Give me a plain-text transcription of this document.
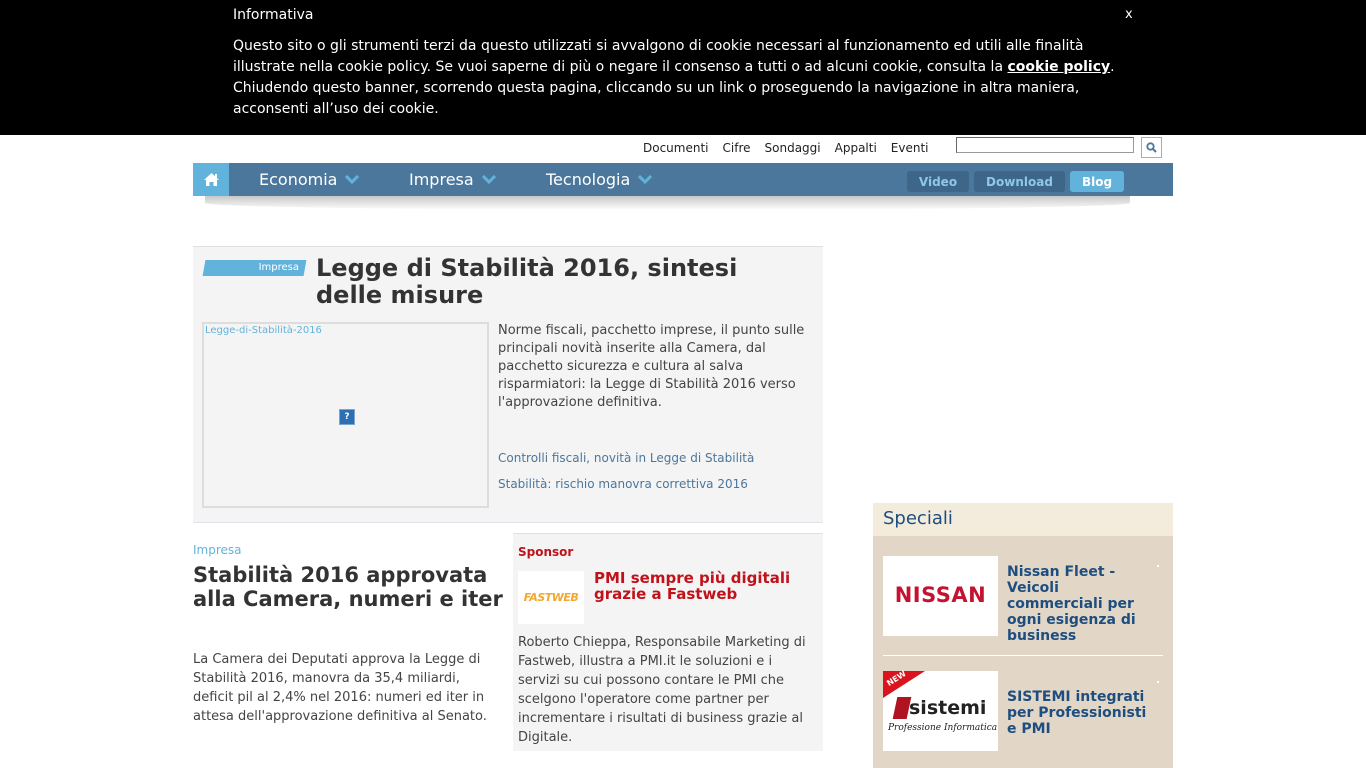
Informativa	x
Questo sito o gli strumenti terzi da questo utilizzati si avvalgono di cookie necessari al funzionamento ed utili alle finalità illustrate nella cookie policy. Se vuoi saperne di più o negare il consenso a tutti o ad alcuni cookie, consulta la cookie policy. Chiudendo questo banner, scorrendo questa pagina, cliccando su un link o proseguendo la navigazione in altra maniera, acconsenti all’uso dei cookie.
Documenti Cifre Sondaggi Appalti Eventi
Economia	Impresa	Tecnologia	Video	Download	Blog
Impresa Legge di Stabilità 2016, sintesi delle misure
Legge-di-Stabilità-2016
?
Norme fiscali, pacchetto imprese, il punto sulle principali novità inserite alla Camera, dal pacchetto sicurezza e cultura al salva risparmiatori: la Legge di Stabilità 2016 verso l'approvazione definitiva.
Controlli fiscali, novità in Legge di Stabilità
Stabilità: rischio manovra correttiva 2016
Impresa
Stabilità 2016 approvata alla Camera, numeri e iter
La Camera dei Deputati approva la Legge di Stabilità 2016, manovra da 35,4 miliardi, deficit pil al 2,4% nel 2016: numeri ed iter in attesa dell'approvazione definitiva al Senato.
Sponsor
FASTWEB
PMI sempre più digitali grazie a Fastweb
Roberto Chieppa, Responsabile Marketing di Fastweb, illustra a PMI.it le soluzioni e i servizi su cui possono contare le PMI che scelgono l'operatore come partner per incrementare i risultati di business grazie al Digitale.
Speciali
NISSAN
Nissan Fleet - Veicoli commerciali per ogni esigenza di business
NEW
sistemi
Professione Informatica
SISTEMI integrati per Professionisti e PMI
